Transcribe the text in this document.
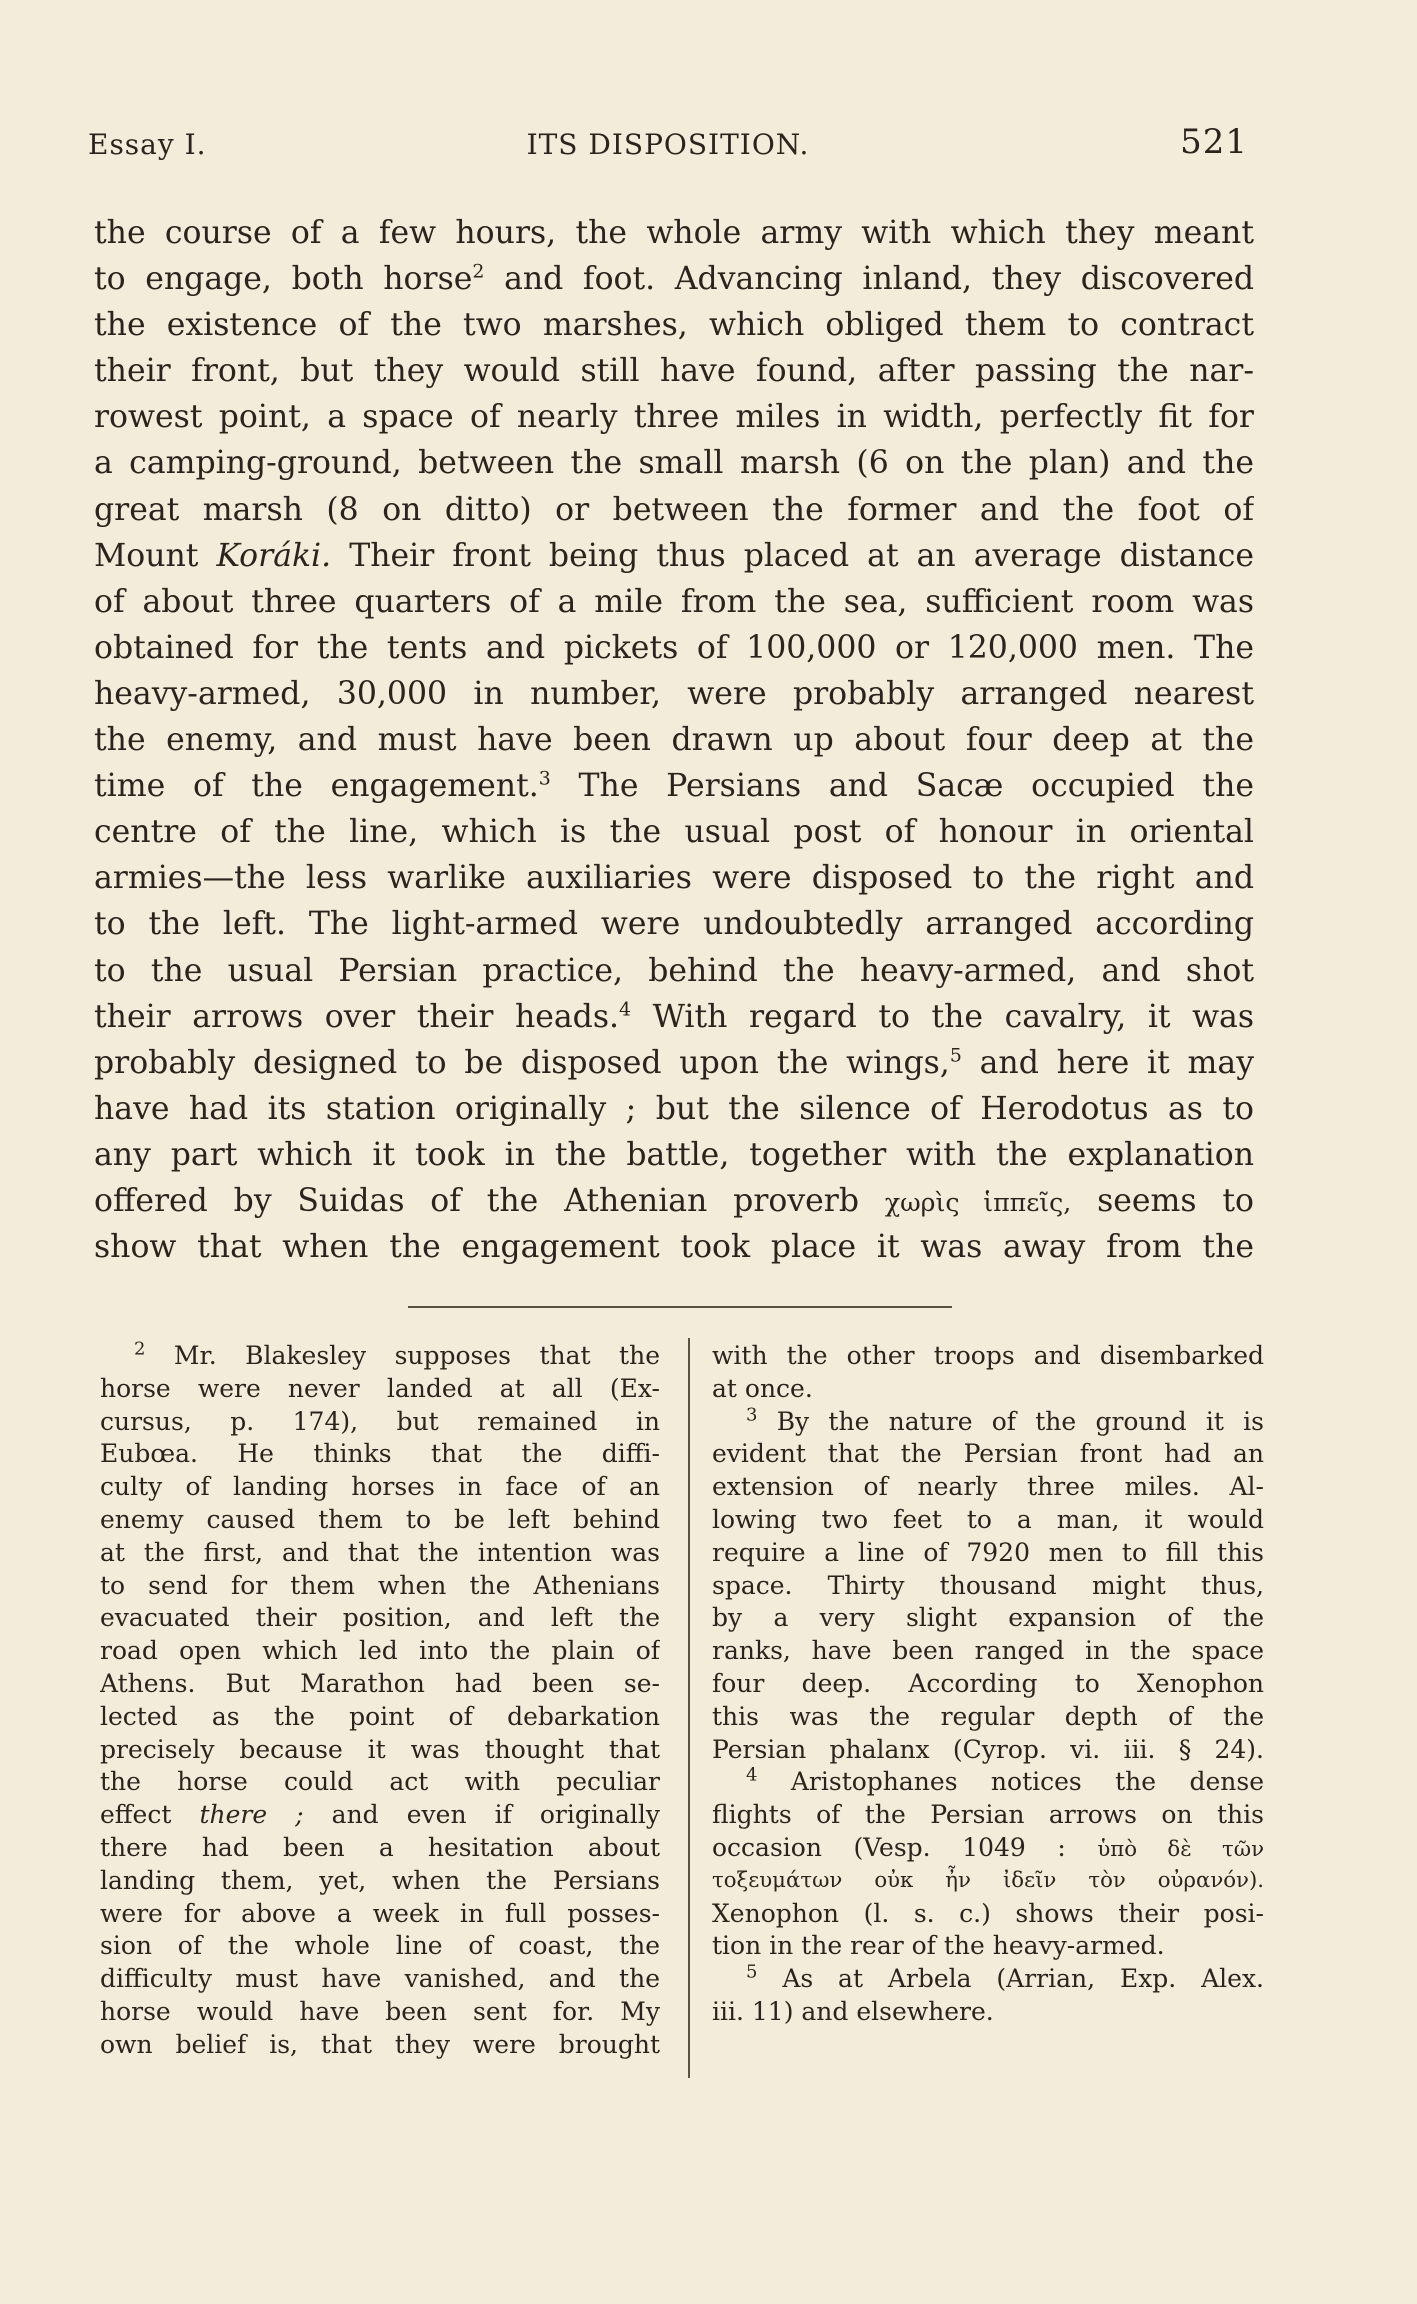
Essay I.	ITS DISPOSITION.	521
the course of a few hours, the whole army with which they meant
to engage, both horse$^2$ and foot. Advancing inland, they discovered
the existence of the two marshes, which obliged them to contract
their front, but they would still have found, after passing the nar-
rowest point, a space of nearly three miles in width, perfectly fit for
a camping-ground, between the small marsh (6 on the plan) and the
great marsh (8 on ditto) or between the former and the foot of
Mount Koráki. Their front being thus placed at an average distance
of about three quarters of a mile from the sea, sufficient room was
obtained for the tents and pickets of 100,000 or 120,000 men. The
heavy-armed, 30,000 in number, were probably arranged nearest
the enemy, and must have been drawn up about four deep at the
time of the engagement.$^3$ The Persians and Sacæ occupied the
centre of the line, which is the usual post of honour in oriental
armies—the less warlike auxiliaries were disposed to the right and
to the left. The light-armed were undoubtedly arranged according
to the usual Persian practice, behind the heavy-armed, and shot
their arrows over their heads.$^4$ With regard to the cavalry, it was
probably designed to be disposed upon the wings,$^5$ and here it may
have had its station originally ; but the silence of Herodotus as to
any part which it took in the battle, together with the explanation
offered by Suidas of the Athenian proverb χωρὶς ἱππεῖς, seems to
show that when the engagement took place it was away from the
$^2$ Mr. Blakesley supposes that the
horse were never landed at all (Ex-
cursus, p. 174), but remained in
Eubœa. He thinks that the diffi-
culty of landing horses in face of an
enemy caused them to be left behind
at the first, and that the intention was
to send for them when the Athenians
evacuated their position, and left the
road open which led into the plain of
Athens. But Marathon had been se-
lected as the point of debarkation
precisely because it was thought that
the horse could act with peculiar
effect there ; and even if originally
there had been a hesitation about
landing them, yet, when the Persians
were for above a week in full posses-
sion of the whole line of coast, the
difficulty must have vanished, and the
horse would have been sent for. My
own belief is, that they were brought
with the other troops and disembarked
at once.
$^3$ By the nature of the ground it is
evident that the Persian front had an
extension of nearly three miles. Al-
lowing two feet to a man, it would
require a line of 7920 men to fill this
space. Thirty thousand might thus,
by a very slight expansion of the
ranks, have been ranged in the space
four deep. According to Xenophon
this was the regular depth of the
Persian phalanx (Cyrop. vi. iii. § 24).
$^4$ Aristophanes notices the dense
flights of the Persian arrows on this
occasion (Vesp. 1049 : ὑπὸ δὲ τῶν
τοξευμάτων οὐκ ἦν ἰδεῖν τὸν οὐρανόν).
Xenophon (l. s. c.) shows their posi-
tion in the rear of the heavy-armed.
$^5$ As at Arbela (Arrian, Exp. Alex.
iii. 11) and elsewhere.
